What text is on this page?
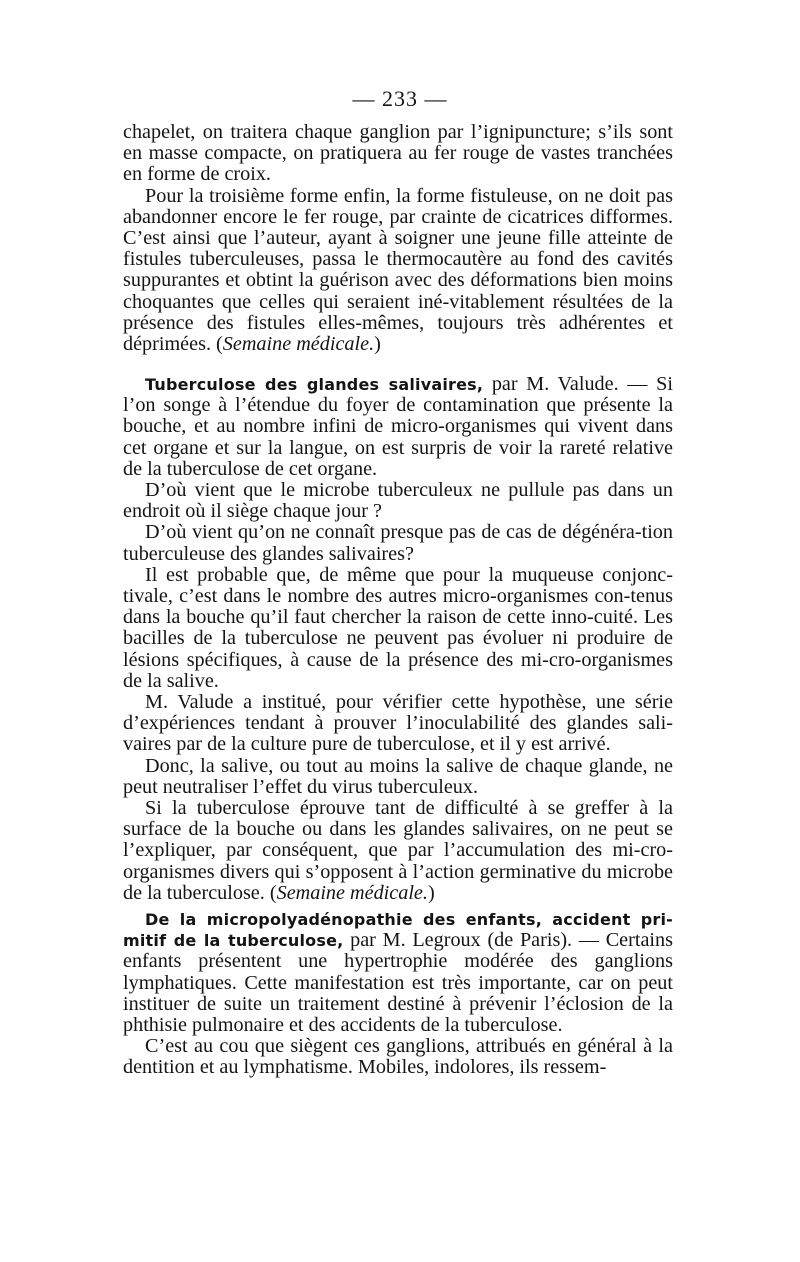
— 233 —

chapelet, on traitera chaque ganglion par l’ignipuncture; s’ils sont en masse compacte, on pratiquera au fer rouge de vastes tranchées en forme de croix.

Pour la troisième forme enfin, la forme fistuleuse, on ne doit pas abandonner encore le fer rouge, par crainte de cicatrices difformes. C’est ainsi que l’auteur, ayant à soigner une jeune fille atteinte de fistules tuberculeuses, passa le thermocautère au fond des cavités suppurantes et obtint la guérison avec des déformations bien moins choquantes que celles qui seraient iné-vitablement résultées de la présence des fistules elles-mêmes, toujours très adhérentes et déprimées. (Semaine médicale.)

Tuberculose des glandes salivaires, par M. Valude. — Si l’on songe à l’étendue du foyer de contamination que présente la bouche, et au nombre infini de micro-organismes qui vivent dans cet organe et sur la langue, on est surpris de voir la rareté relative de la tuberculose de cet organe.

D’où vient que le microbe tuberculeux ne pullule pas dans un endroit où il siège chaque jour ?

D’où vient qu’on ne connaît presque pas de cas de dégénéra-tion tuberculeuse des glandes salivaires?

Il est probable que, de même que pour la muqueuse conjonc-tivale, c’est dans le nombre des autres micro-organismes con-tenus dans la bouche qu’il faut chercher la raison de cette inno-cuité. Les bacilles de la tuberculose ne peuvent pas évoluer ni produire de lésions spécifiques, à cause de la présence des mi-cro-organismes de la salive.

M. Valude a institué, pour vérifier cette hypothèse, une série d’expériences tendant à prouver l’inoculabilité des glandes sali-vaires par de la culture pure de tuberculose, et il y est arrivé.

Donc, la salive, ou tout au moins la salive de chaque glande, ne peut neutraliser l’effet du virus tuberculeux.

Si la tuberculose éprouve tant de difficulté à se greffer à la surface de la bouche ou dans les glandes salivaires, on ne peut se l’expliquer, par conséquent, que par l’accumulation des mi-cro-organismes divers qui s’opposent à l’action germinative du microbe de la tuberculose. (Semaine médicale.)

De la micropolyadénopathie des enfants, accident pri-mitif de la tuberculose, par M. Legroux (de Paris). — Certains enfants présentent une hypertrophie modérée des ganglions lymphatiques. Cette manifestation est très importante, car on peut instituer de suite un traitement destiné à prévenir l’éclosion de la phthisie pulmonaire et des accidents de la tuberculose.

C’est au cou que siègent ces ganglions, attribués en général à la dentition et au lymphatisme. Mobiles, indolores, ils ressem-
